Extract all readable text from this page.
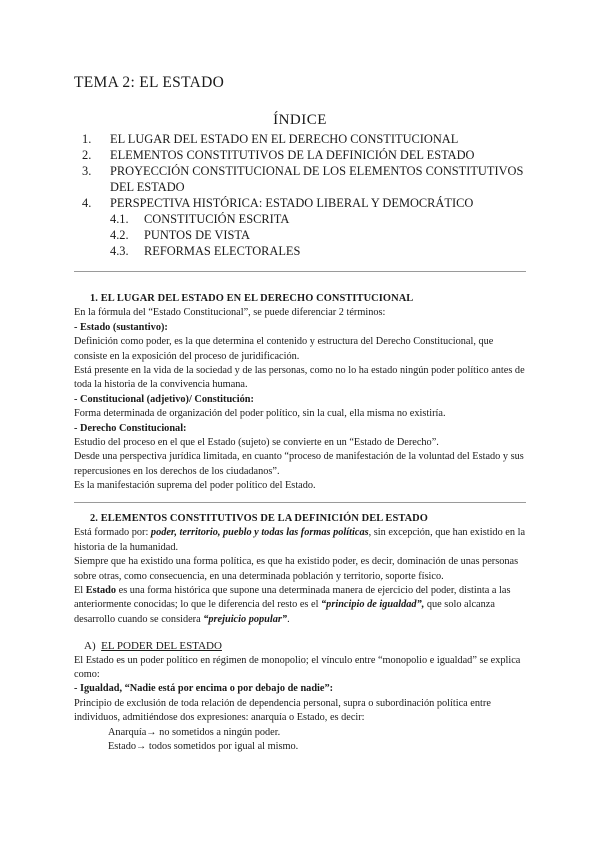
TEMA 2: EL ESTADO
ÍNDICE
1. EL LUGAR DEL ESTADO EN EL DERECHO CONSTITUCIONAL
2. ELEMENTOS CONSTITUTIVOS DE LA DEFINICIÓN DEL ESTADO
3. PROYECCIÓN CONSTITUCIONAL DE LOS ELEMENTOS CONSTITUTIVOS DEL ESTADO
4. PERSPECTIVA HISTÓRICA: ESTADO LIBERAL Y DEMOCRÁTICO
4.1. CONSTITUCIÓN ESCRITA
4.2. PUNTOS DE VISTA
4.3. REFORMAS ELECTORALES

1. EL LUGAR DEL ESTADO EN EL DERECHO CONSTITUCIONAL

En la fórmula del “Estado Constitucional”, se puede diferenciar 2 términos:

- Estado (sustantivo):

Definición como poder, es la que determina el contenido y estructura del Derecho Constitucional, que consiste en la exposición del proceso de juridificación.

Está presente en la vida de la sociedad y de las personas, como no lo ha estado ningún poder político antes de toda la historia de la convivencia humana.

- Constitucional (adjetivo)/ Constitución:

Forma determinada de organización del poder político, sin la cual, ella misma no existiría.

- Derecho Constitucional:

Estudio del proceso en el que el Estado (sujeto) se convierte en un “Estado de Derecho”.

Desde una perspectiva jurídica limitada, en cuanto “proceso de manifestación de la voluntad del Estado y sus repercusiones en los derechos de los ciudadanos”.

Es la manifestación suprema del poder político del Estado.

2. ELEMENTOS CONSTITUTIVOS DE LA DEFINICIÓN DEL ESTADO

Está formado por: poder, territorio, pueblo y todas las formas políticas, sin excepción, que han existido en la historia de la humanidad.

Siempre que ha existido una forma política, es que ha existido poder, es decir, dominación de unas personas sobre otras, como consecuencia, en una determinada población y territorio, soporte físico.

El Estado es una forma histórica que supone una determinada manera de ejercicio del poder, distinta a las anteriormente conocidas; lo que le diferencia del resto es el “principio de igualdad”, que solo alcanza desarrollo cuando se considera “prejuicio popular”.

A) EL PODER DEL ESTADO

El Estado es un poder político en régimen de monopolio; el vínculo entre “monopolio e igualdad” se explica como:

- Igualdad, “Nadie está por encima o por debajo de nadie”:

Principio de exclusión de toda relación de dependencia personal, supra o subordinación política entre individuos, admitiéndose dos expresiones: anarquía o Estado, es decir:

Anarquía→ no sometidos a ningún poder.

Estado→ todos sometidos por igual al mismo.
